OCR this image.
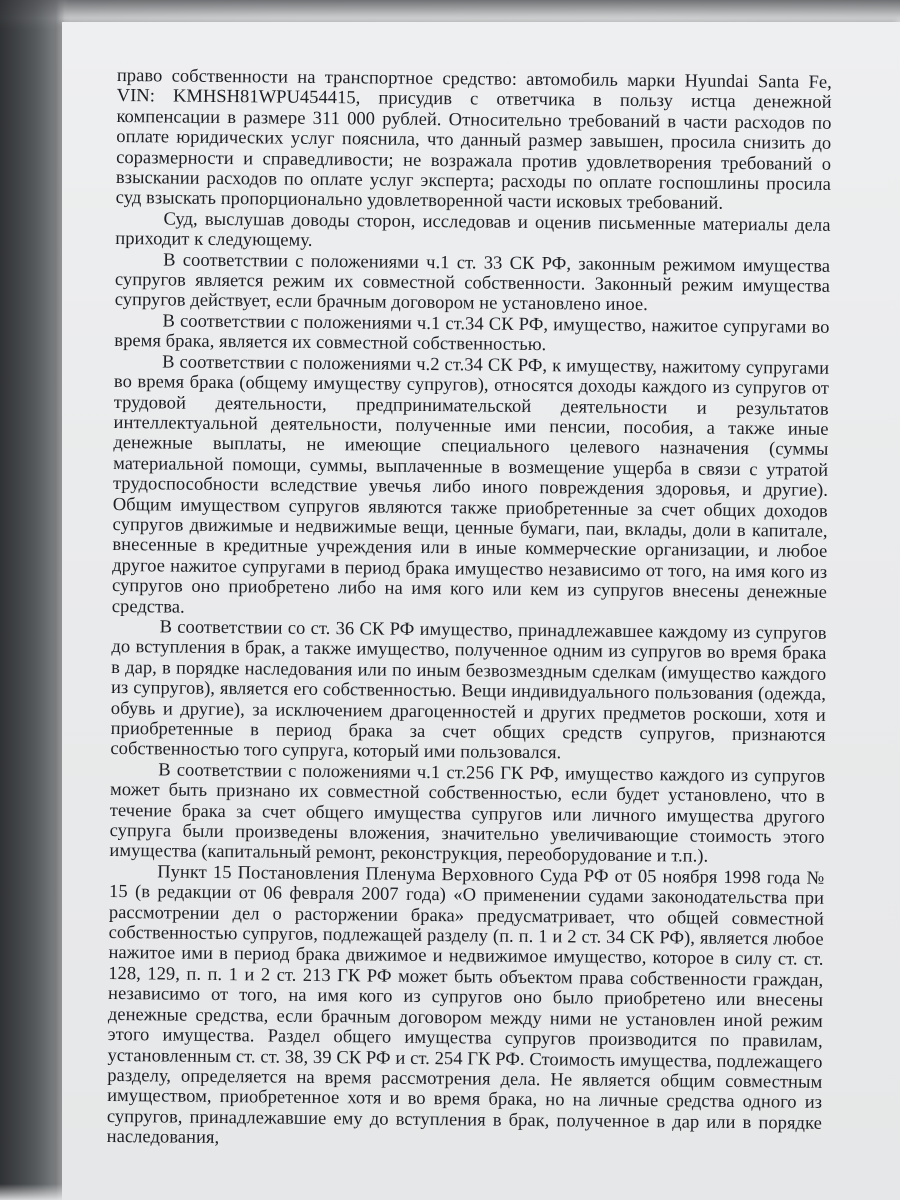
право собственности на транспортное средство: автомобиль марки Hyundai Santa Fe, VIN: KMHSH81WPU454415, присудив с ответчика в пользу истца денежной компенсации в размере 311 000 рублей. Относительно требований в части расходов по оплате юридических услуг пояснила, что данный размер завышен, просила снизить до соразмерности и справедливости; не возражала против удовлетворения требований о взыскании расходов по оплате услуг эксперта; расходы по оплате госпошлины просила суд взыскать пропорционально удовлетворенной части исковых требований.

Суд, выслушав доводы сторон, исследовав и оценив письменные материалы дела приходит к следующему.

В соответствии с положениями ч.1 ст. 33 СК РФ, законным режимом имущества супругов является режим их совместной собственности. Законный режим имущества супругов действует, если брачным договором не установлено иное.

В соответствии с положениями ч.1 ст.34 СК РФ, имущество, нажитое супругами во время брака, является их совместной собственностью.

В соответствии с положениями ч.2 ст.34 СК РФ, к имуществу, нажитому супругами во время брака (общему имуществу супругов), относятся доходы каждого из супругов от трудовой деятельности, предпринимательской деятельности и результатов интеллектуальной деятельности, полученные ими пенсии, пособия, а также иные денежные выплаты, не имеющие специального целевого назначения (суммы материальной помощи, суммы, выплаченные в возмещение ущерба в связи с утратой трудоспособности вследствие увечья либо иного повреждения здоровья, и другие). Общим имуществом супругов являются также приобретенные за счет общих доходов супругов движимые и недвижимые вещи, ценные бумаги, паи, вклады, доли в капитале, внесенные в кредитные учреждения или в иные коммерческие организации, и любое другое нажитое супругами в период брака имущество независимо от того, на имя кого из супругов оно приобретено либо на имя кого или кем из супругов внесены денежные средства.

В соответствии со ст. 36 СК РФ имущество, принадлежавшее каждому из супругов до вступления в брак, а также имущество, полученное одним из супругов во время брака в дар, в порядке наследования или по иным безвозмездным сделкам (имущество каждого из супругов), является его собственностью. Вещи индивидуального пользования (одежда, обувь и другие), за исключением драгоценностей и других предметов роскоши, хотя и приобретенные в период брака за счет общих средств супругов, признаются собственностью того супруга, который ими пользовался.

В соответствии с положениями ч.1 ст.256 ГК РФ, имущество каждого из супругов может быть признано их совместной собственностью, если будет установлено, что в течение брака за счет общего имущества супругов или личного имущества другого супруга были произведены вложения, значительно увеличивающие стоимость этого имущества (капитальный ремонт, реконструкция, переоборудование и т.п.).

Пункт 15 Постановления Пленума Верховного Суда РФ от 05 ноября 1998 года № 15 (в редакции от 06 февраля 2007 года) «О применении судами законодательства при рассмотрении дел о расторжении брака» предусматривает, что общей совместной собственностью супругов, подлежащей разделу (п. п. 1 и 2 ст. 34 СК РФ), является любое нажитое ими в период брака движимое и недвижимое имущество, которое в силу ст. ст. 128, 129, п. п. 1 и 2 ст. 213 ГК РФ может быть объектом права собственности граждан, независимо от того, на имя кого из супругов оно было приобретено или внесены денежные средства, если брачным договором между ними не установлен иной режим этого имущества. Раздел общего имущества супругов производится по правилам, установленным ст. ст. 38, 39 СК РФ и ст. 254 ГК РФ. Стоимость имущества, подлежащего разделу, определяется на время рассмотрения дела. Не является общим совместным имуществом, приобретенное хотя и во время брака, но на личные средства одного из супругов, принадлежавшие ему до вступления в брак, полученное в дар или в порядке наследования,
